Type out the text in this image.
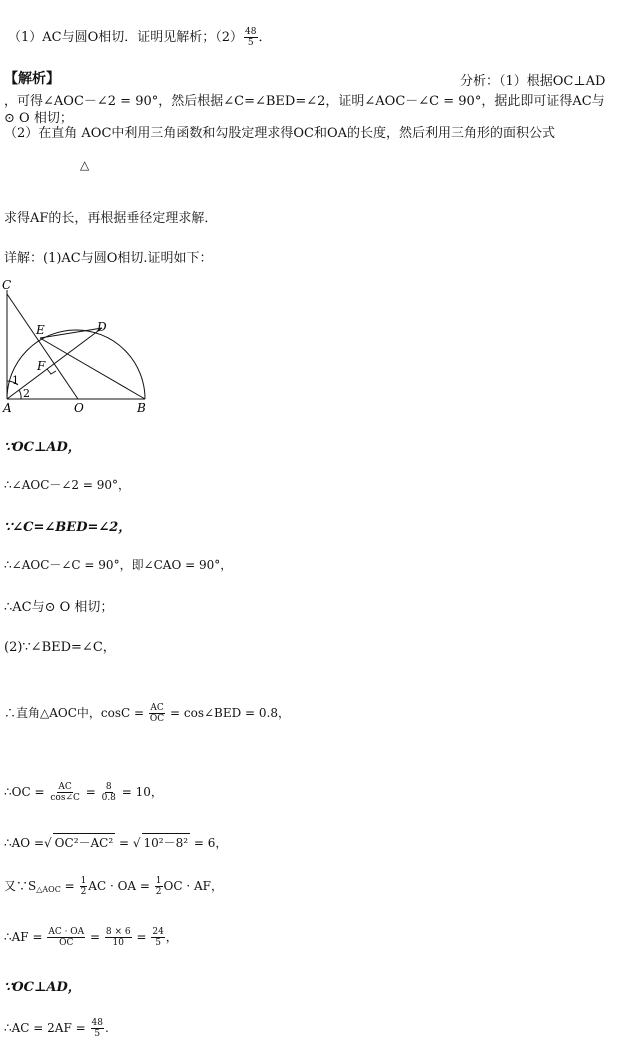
（1）AC与圆O相切．证明见解析；$(2) \frac{48}{5}$ ．
【解析】	分析：（1）根据OC⊥AD
，可得∠AOC－∠2 = 90°，然后根据∠C=∠BED=∠2，证明∠AOC－∠C = 90°，据此即可证得AC与
⊙ O 相切；
（2）在直角 AOC中利用三角函数和勾股定理求得OC和OA的长度，然后利用三角形的面积公式
△
求得AF的长，再根据垂径定理求解．
详解：(1)AC与圆O相切.证明如下：
C
E	D
F
1
2
A	O	B
∵OC⊥AD，
∴∠AOC－∠2 = 90°，
∵∠C=∠BED=∠2，
∴∠AOC－∠C = 90°，即∠CAO = 90°，
∴AC与⊙ O 相切；
(2)∵∠BED=∠C，
∴直角△AOC中，$\cos C = \frac{AC}{OC}$ = cos∠BED = 0.8，
∴OC = $\frac{AC}{\cos\angle C} = \frac{8}{0.8} = 10$，
∴AO =√ OC²－AC² = √ 10²－8² = 6，
又$\because S_{\triangle AOC} = \frac{1}{2}$ AC · OA = $\frac{1}{2}$ OC · AF，
∴AF = $\frac{AC \cdot OA}{OC} = \frac{8 \times 6}{10} = \frac{24}{5}$ ，
∵OC⊥AD，
∴AC = $2AF = \frac{48}{5}$ .
